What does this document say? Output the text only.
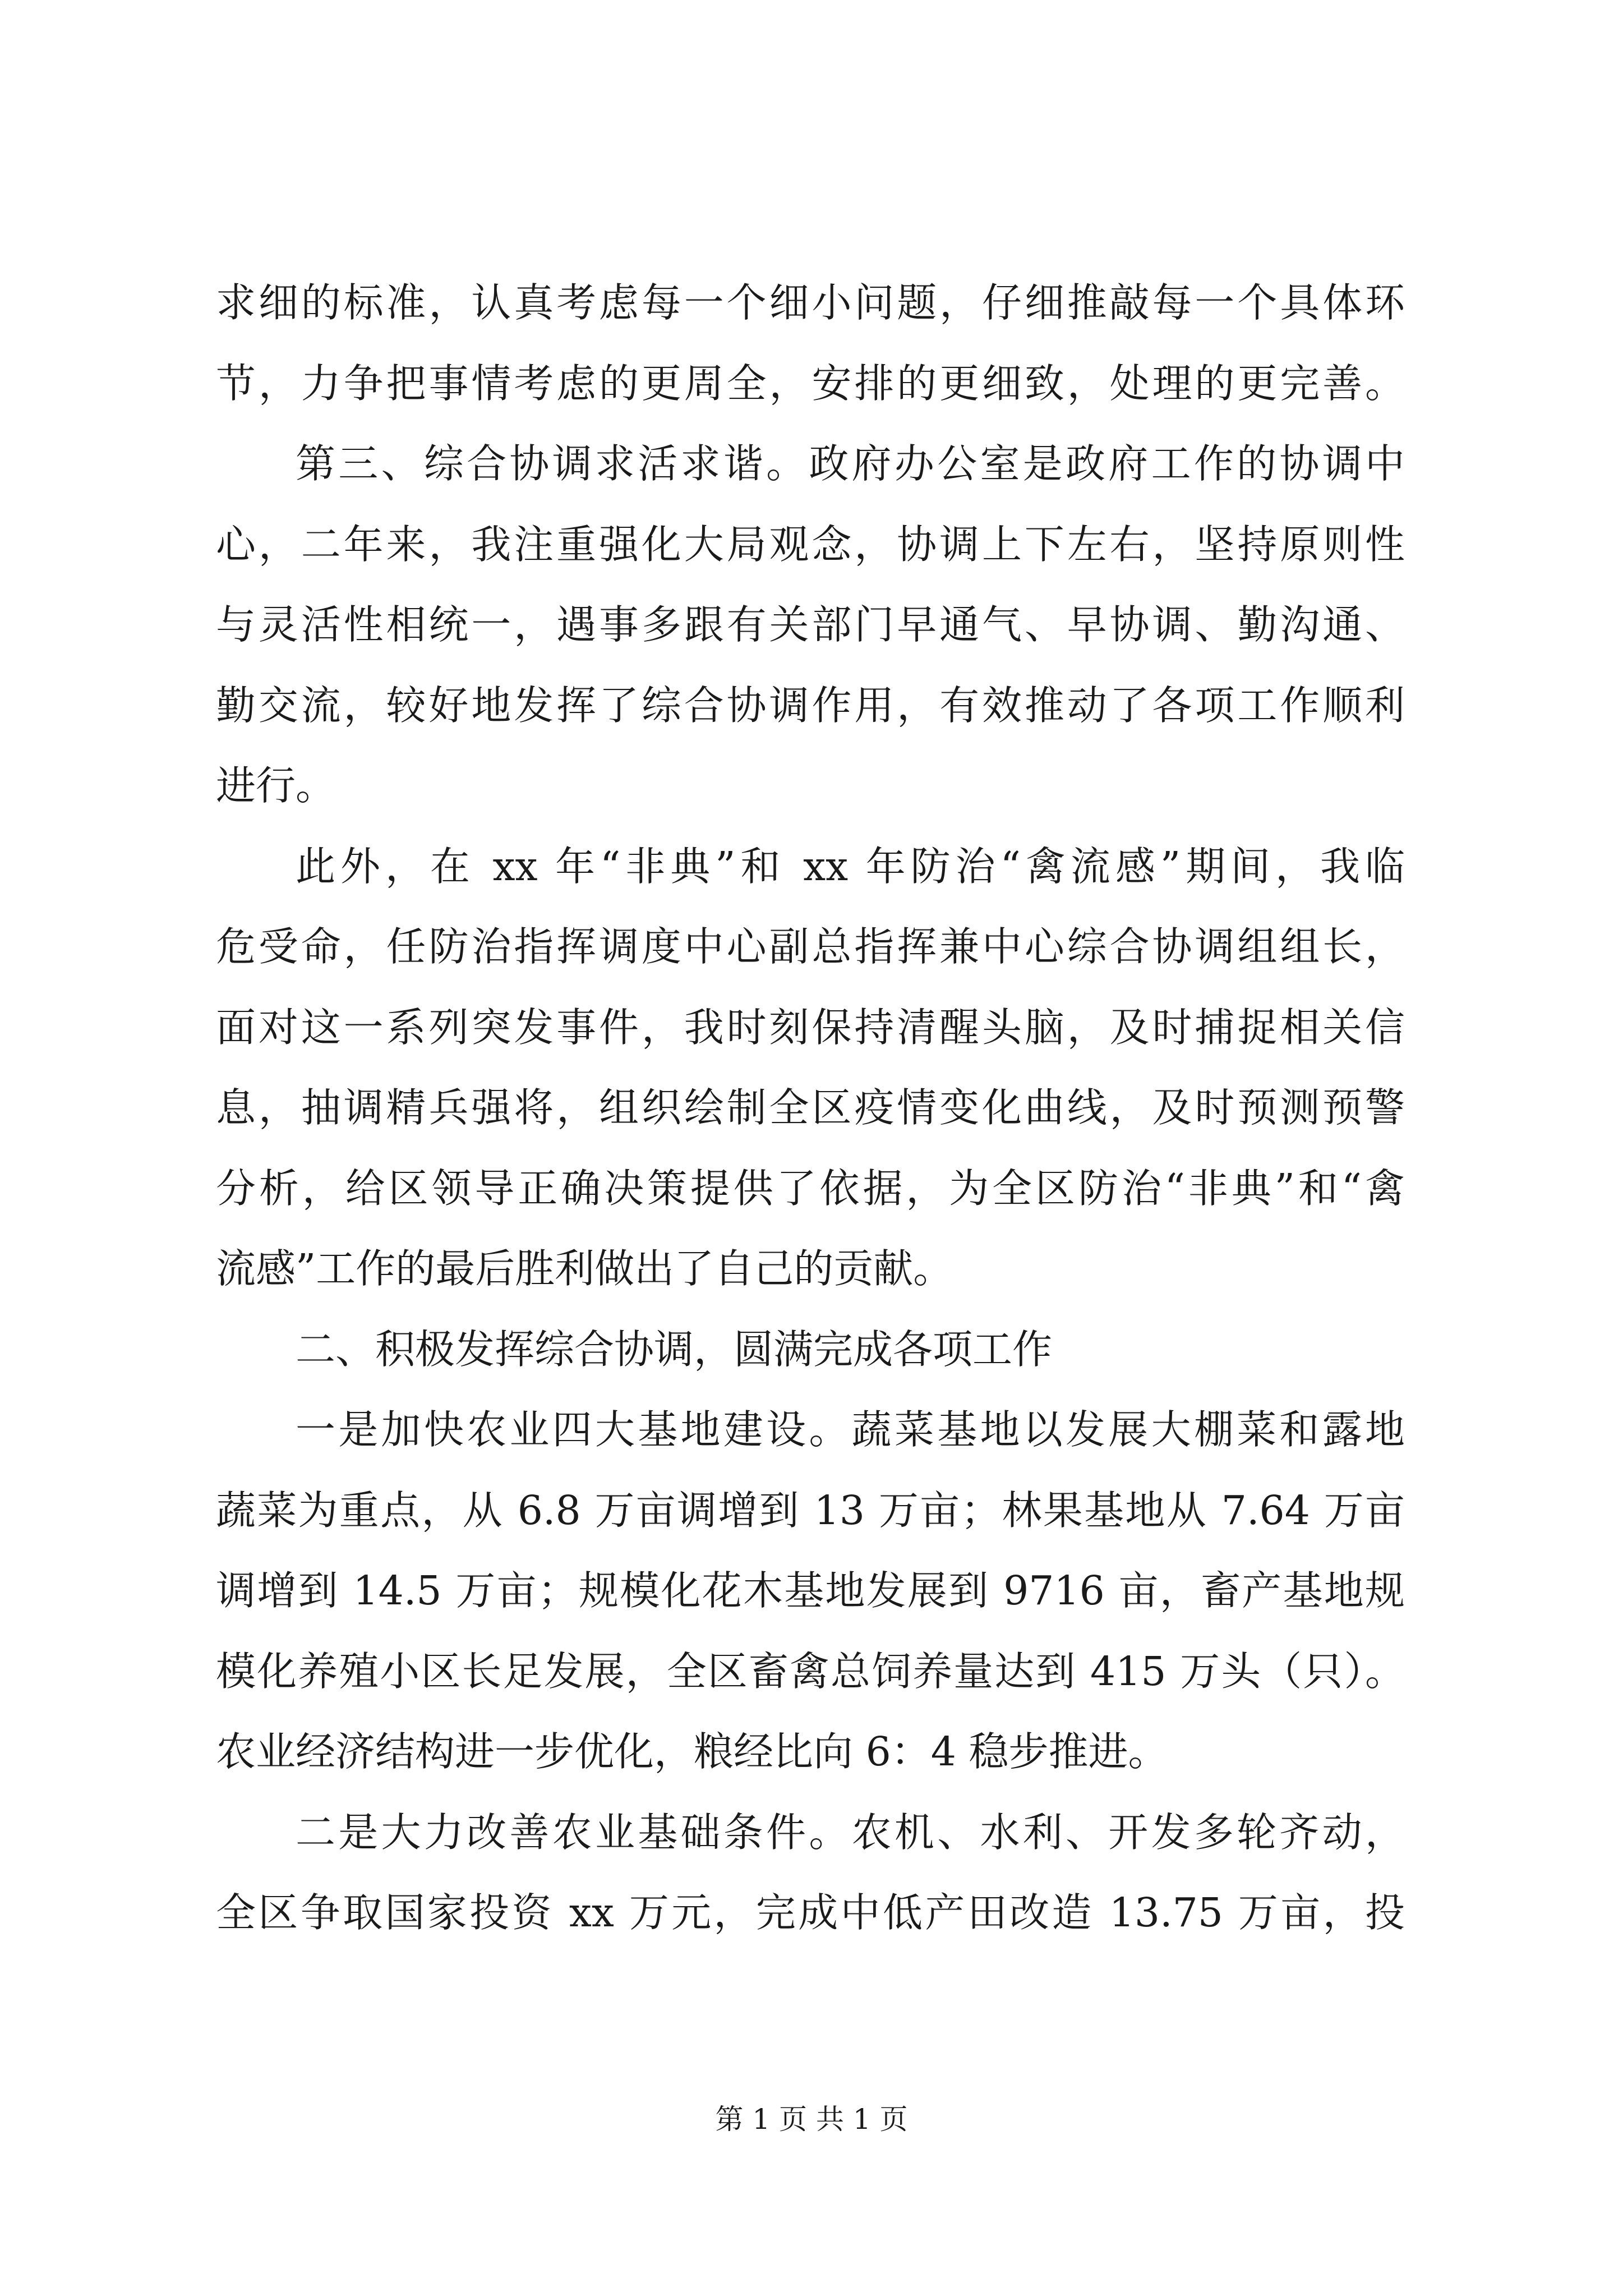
求细的标准，认真考虑每一个细小问题，仔细推敲每一个具体环
节，力争把事情考虑的更周全，安排的更细致，处理的更完善。
第三、综合协调求活求谐。政府办公室是政府工作的协调中
心，二年来，我注重强化大局观念，协调上下左右，坚持原则性
与灵活性相统一，遇事多跟有关部门早通气、早协调、勤沟通、
勤交流，较好地发挥了综合协调作用，有效推动了各项工作顺利
进行。
此外，在 xx 年“非典”和 xx 年防治“禽流感”期间，我临
危受命，任防治指挥调度中心副总指挥兼中心综合协调组组长，
面对这一系列突发事件，我时刻保持清醒头脑，及时捕捉相关信
息，抽调精兵强将，组织绘制全区疫情变化曲线，及时预测预警
分析，给区领导正确决策提供了依据，为全区防治“非典”和“禽
流感”工作的最后胜利做出了自己的贡献。
二、积极发挥综合协调，圆满完成各项工作
一是加快农业四大基地建设。蔬菜基地以发展大棚菜和露地
蔬菜为重点，从 6.8 万亩调增到 13 万亩；林果基地从 7.64 万亩
调增到 14.5 万亩；规模化花木基地发展到 9716 亩，畜产基地规
模化养殖小区长足发展，全区畜禽总饲养量达到 415 万头（只）。
农业经济结构进一步优化，粮经比向 6：4 稳步推进。
二是大力改善农业基础条件。农机、水利、开发多轮齐动，
全区争取国家投资 xx 万元，完成中低产田改造 13.75 万亩，投
第 1 页 共 1 页
